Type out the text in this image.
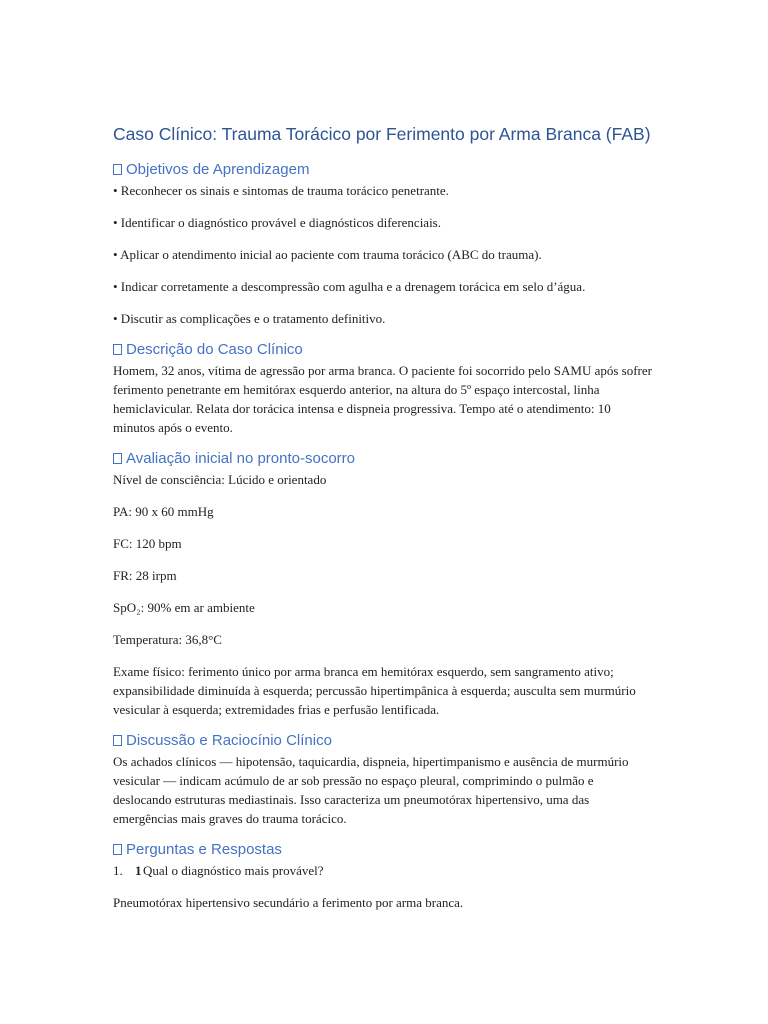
Caso Clínico: Trauma Torácico por Ferimento por Arma Branca (FAB)
Objetivos de Aprendizagem

• Reconhecer os sinais e sintomas de trauma torácico penetrante.

• Identificar o diagnóstico provável e diagnósticos diferenciais.

• Aplicar o atendimento inicial ao paciente com trauma torácico (ABC do trauma).

• Indicar corretamente a descompressão com agulha e a drenagem torácica em selo d’água.

• Discutir as complicações e o tratamento definitivo.

Descrição do Caso Clínico

Homem, 32 anos, vítima de agressão por arma branca. O paciente foi socorrido pelo SAMU após sofrer ferimento penetrante em hemitórax esquerdo anterior, na altura do 5º espaço intercostal, linha hemiclavicular. Relata dor torácica intensa e dispneia progressiva. Tempo até o atendimento: 10 minutos após o evento.

Avaliação inicial no pronto-socorro

Nível de consciência: Lúcido e orientado

PA: 90 x 60 mmHg

FC: 120 bpm

FR: 28 irpm

SpO₂: 90% em ar ambiente

Temperatura: 36,8°C

Exame físico: ferimento único por arma branca em hemitórax esquerdo, sem sangramento ativo; expansibilidade diminuída à esquerda; percussão hipertimpânica à esquerda; ausculta sem murmúrio vesicular à esquerda; extremidades frias e perfusão lentificada.

Discussão e Raciocínio Clínico

Os achados clínicos — hipotensão, taquicardia, dispneia, hipertimpanismo e ausência de murmúrio vesicular — indicam acúmulo de ar sob pressão no espaço pleural, comprimindo o pulmão e deslocando estruturas mediastinais. Isso caracteriza um pneumotórax hipertensivo, uma das emergências mais graves do trauma torácico.

Perguntas e Respostas
1. 1 Qual o diagnóstico mais provável?

Pneumotórax hipertensivo secundário a ferimento por arma branca.
